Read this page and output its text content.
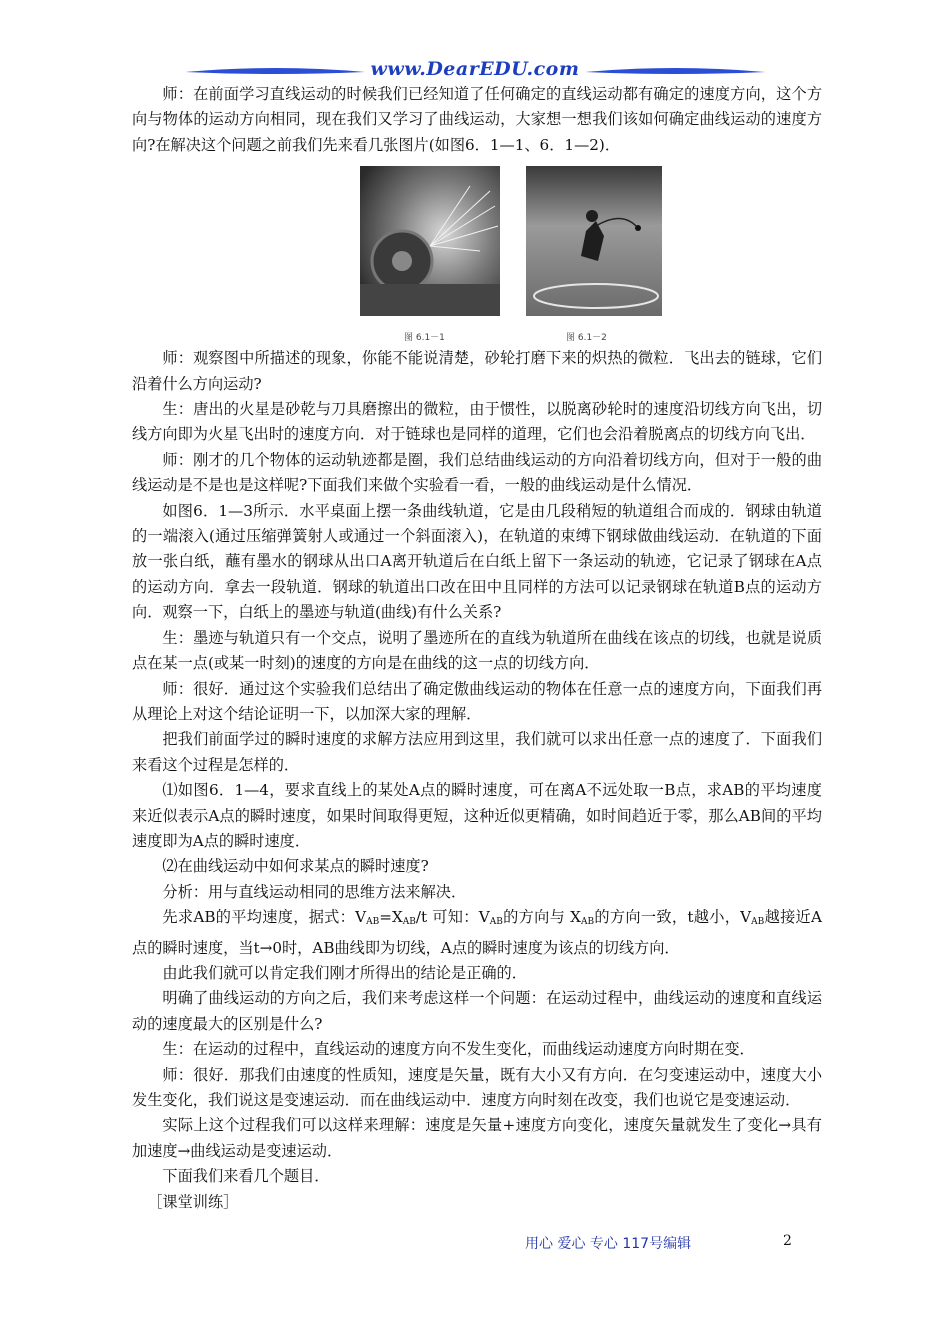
www.DearEDU.com

师：在前面学习直线运动的时候我们已经知道了任何确定的直线运动都有确定的速度方向，这个方向与物体的运动方向相同，现在我们又学习了曲线运动，大家想一想我们该如何确定曲线运动的速度方向?在解决这个问题之前我们先来看几张图片(如图6．1—1、6．1—2)．

图 6.1－1	图 6.1－2

师：观察图中所描述的现象，你能不能说清楚，砂轮打磨下来的炽热的微粒．飞出去的链球，它们沿着什么方向运动?

生：唐出的火星是砂乾与刀具磨擦出的微粒，由于惯性，以脱离砂轮时的速度沿切线方向飞出，切线方向即为火星飞出时的速度方向．对于链球也是同样的道理，它们也会沿着脱离点的切线方向飞出．

师：刚才的几个物体的运动轨迹都是圈，我们总结曲线运动的方向沿着切线方向，但对于一般的曲线运动是不是也是这样呢?下面我们来做个实验看一看，一般的曲线运动是什么情况．

如图6．1—3所示．水平桌面上摆一条曲线轨道，它是由几段稍短的轨道组合而成的．钢球由轨道的一端滚入(通过压缩弹簧射人或通过一个斜面滚入)，在轨道的束缚下钢球做曲线运动．在轨道的下面放一张白纸，蘸有墨水的钢球从出口A离开轨道后在白纸上留下一条运动的轨迹，它记录了钢球在A点的运动方向．拿去一段轨道．钢球的轨道出口改在田中且同样的方法可以记录钢球在轨道B点的运动方向．观察一下，白纸上的墨迹与轨道(曲线)有什么关系?

生：墨迹与轨道只有一个交点，说明了墨迹所在的直线为轨道所在曲线在该点的切线，也就是说质点在某一点(或某一时刻)的速度的方向是在曲线的这一点的切线方向．

师：很好．通过这个实验我们总结出了确定傲曲线运动的物体在任意一点的速度方向，下面我们再从理论上对这个结论证明一下，以加深大家的理解．

把我们前面学过的瞬时速度的求解方法应用到这里，我们就可以求出任意一点的速度了．下面我们来看这个过程是怎样的．

⑴如图6．1—4，要求直线上的某处A点的瞬时速度，可在离A不远处取一B点，求AB的平均速度来近似表示A点的瞬时速度，如果时间取得更短，这种近似更精确，如时间趋近于零，那么AB间的平均速度即为A点的瞬时速度．

⑵在曲线运动中如何求某点的瞬时速度?

分析：用与直线运动相同的思维方法来解决．

先求AB的平均速度，据式：$V_{AB}=X_{AB}/t$ 可知：$V_{AB}$的方向与 $X_{AB}$的方向一致，t越小，$V_{AB}$越接近A点的瞬时速度，当t→0时，AB曲线即为切线，A点的瞬时速度为该点的切线方向．

由此我们就可以肯定我们刚才所得出的结论是正确的．

明确了曲线运动的方向之后，我们来考虑这样一个问题：在运动过程中，曲线运动的速度和直线运动的速度最大的区别是什么?

生：在运动的过程中，直线运动的速度方向不发生变化，而曲线运动速度方向时期在变．

师：很好．那我们由速度的性质知，速度是矢量，既有大小又有方向．在匀变速运动中，速度大小发生变化，我们说这是变速运动．而在曲线运动中．速度方向时刻在改变，我们也说它是变速运动．

实际上这个过程我们可以这样来理解：速度是矢量+速度方向变化，速度矢量就发生了变化→具有加速度→曲线运动是变速运动．

下面我们来看几个题目．

［课堂训练］

用心 爱心 专心 117号编辑	2
